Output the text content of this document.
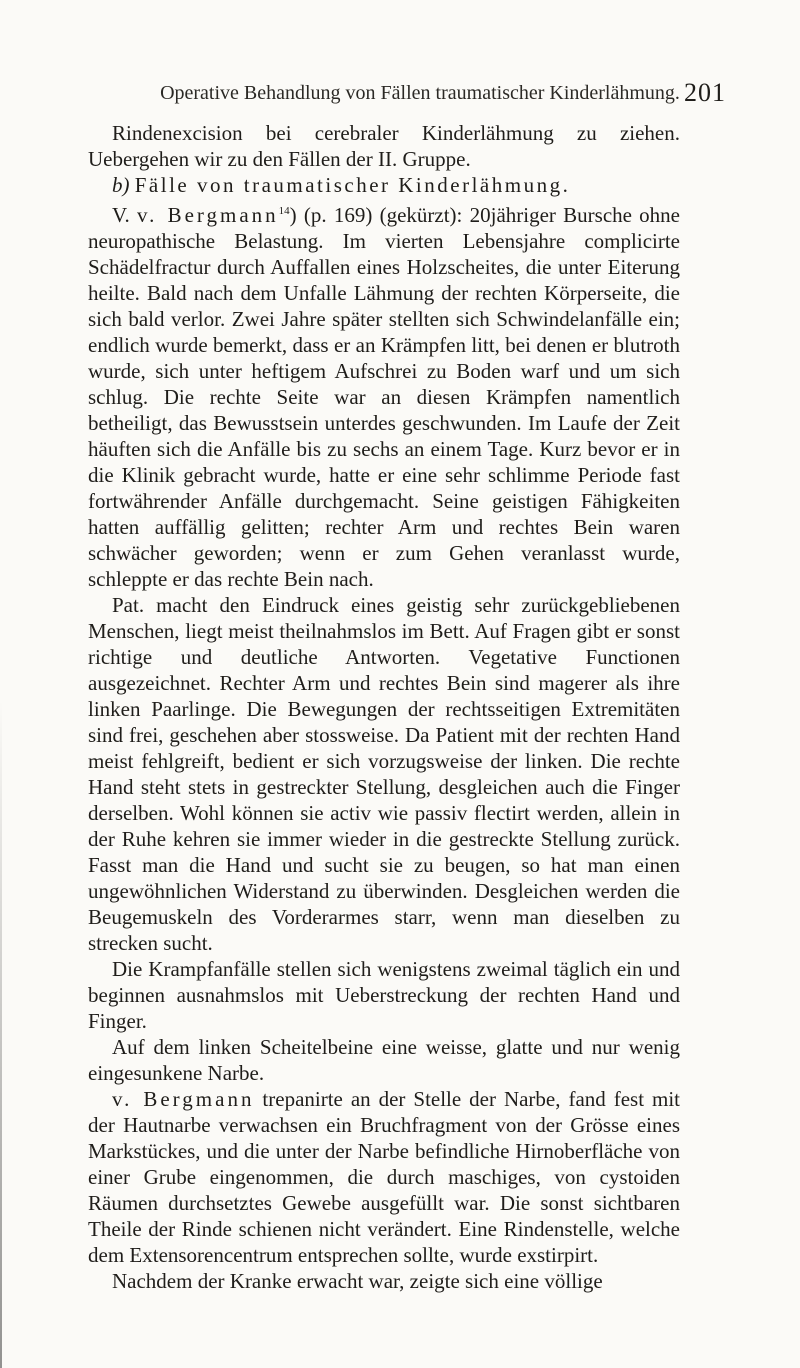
Operative Behandlung von Fällen traumatischer Kinderlähmung. 201

Rindenexcision bei cerebraler Kinderlähmung zu ziehen. Uebergehen wir zu den Fällen der II. Gruppe.

b) Fälle von traumatischer Kinderlähmung.

V. v. Bergmann$^{14}$) (p. 169) (gekürzt): 20jähriger Bursche ohne neuropathische Belastung. Im vierten Lebensjahre complicirte Schädelfractur durch Auffallen eines Holzscheites, die unter Eiterung heilte. Bald nach dem Unfalle Lähmung der rechten Körperseite, die sich bald verlor. Zwei Jahre später stellten sich Schwindelanfälle ein; endlich wurde bemerkt, dass er an Krämpfen litt, bei denen er blutroth wurde, sich unter heftigem Aufschrei zu Boden warf und um sich schlug. Die rechte Seite war an diesen Krämpfen namentlich betheiligt, das Bewusstsein unterdes geschwunden. Im Laufe der Zeit häuften sich die Anfälle bis zu sechs an einem Tage. Kurz bevor er in die Klinik gebracht wurde, hatte er eine sehr schlimme Periode fast fortwährender Anfälle durchgemacht. Seine geistigen Fähigkeiten hatten auffällig gelitten; rechter Arm und rechtes Bein waren schwächer geworden; wenn er zum Gehen veranlasst wurde, schleppte er das rechte Bein nach.

Pat. macht den Eindruck eines geistig sehr zurückgebliebenen Menschen, liegt meist theilnahmslos im Bett. Auf Fragen gibt er sonst richtige und deutliche Antworten. Vegetative Functionen ausgezeichnet. Rechter Arm und rechtes Bein sind magerer als ihre linken Paarlinge. Die Bewegungen der rechtsseitigen Extremitäten sind frei, geschehen aber stossweise. Da Patient mit der rechten Hand meist fehlgreift, bedient er sich vorzugsweise der linken. Die rechte Hand steht stets in gestreckter Stellung, desgleichen auch die Finger derselben. Wohl können sie activ wie passiv flectirt werden, allein in der Ruhe kehren sie immer wieder in die gestreckte Stellung zurück. Fasst man die Hand und sucht sie zu beugen, so hat man einen ungewöhnlichen Widerstand zu überwinden. Desgleichen werden die Beugemuskeln des Vorderarmes starr, wenn man dieselben zu strecken sucht.

Die Krampfanfälle stellen sich wenigstens zweimal täglich ein und beginnen ausnahmslos mit Ueberstreckung der rechten Hand und Finger.

Auf dem linken Scheitelbeine eine weisse, glatte und nur wenig eingesunkene Narbe.

v. Bergmann trepanirte an der Stelle der Narbe, fand fest mit der Hautnarbe verwachsen ein Bruchfragment von der Grösse eines Markstückes, und die unter der Narbe befindliche Hirnoberfläche von einer Grube eingenommen, die durch maschiges, von cystoiden Räumen durchsetztes Gewebe ausgefüllt war. Die sonst sichtbaren Theile der Rinde schienen nicht verändert. Eine Rindenstelle, welche dem Extensorencentrum entsprechen sollte, wurde exstirpirt.

Nachdem der Kranke erwacht war, zeigte sich eine völlige
